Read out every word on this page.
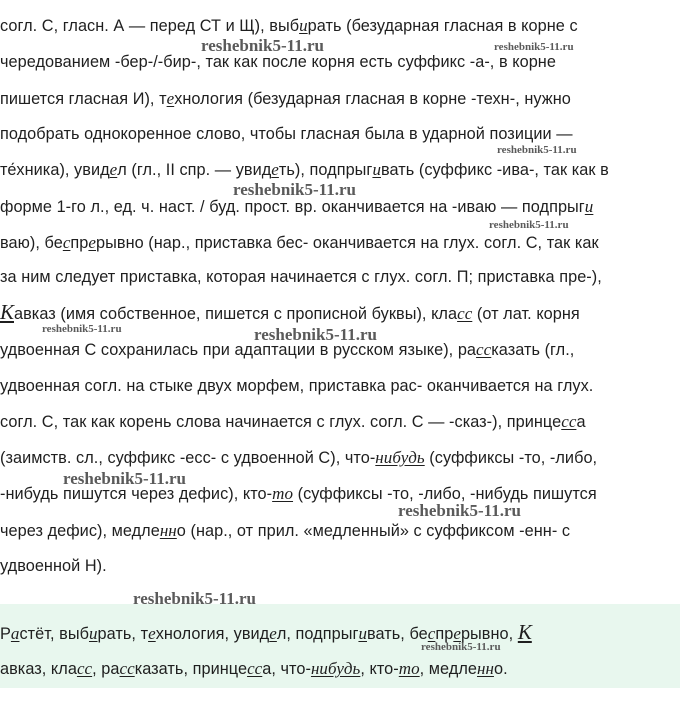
согл. С, гласн. А — перед СТ и Щ), выбирать (безударная гласная в корне с
чередованием -бер-/-бир-, так как после корня есть суффикс -а-, в корне
пишется гласная И), технология (безударная гласная в корне -техн-, нужно
подобрать однокоренное слово, чтобы гласная была в ударной позиции —
те́хника), увидел (гл., II спр. — увидеть), подпрыгивать (суффикс -ива-, так как в
форме 1-го л., ед. ч. наст. / буд. прост. вр. оканчивается на -иваю — подпрыги
ваю), беспрерывно (нар., приставка бес- оканчивается на глух. согл. С, так как
за ним следует приставка, которая начинается с глух. согл. П; приставка пре-),
Кавказ (имя собственное, пишется с прописной буквы), класс (от лат. корня
удвоенная С сохранилась при адаптации в русском языке), рассказать (гл.,
удвоенная согл. на стыке двух морфем, приставка рас- оканчивается на глух.
согл. С, так как корень слова начинается с глух. согл. С — -сказ-), принцесса
(заимств. сл., суффикс -есс- с удвоенной С), что-нибудь (суффиксы -то, -либо,
-нибудь пишутся через дефис), кто-то (суффиксы -то, -либо, -нибудь пишутся
через дефис), медленно (нар., от прил. «медленный» с суффиксом -енн- с
удвоенной Н).
Растёт, выбирать, технология, увидел, подпрыгивать, беспрерывно, К
авказ, класс, рассказать, принцесса, что-нибудь, кто-то, медленно.
reshebnik5-11.ru	reshebnik5-11.ru
reshebnik5-11.ru
reshebnik5-11.ru
reshebnik5-11.ru
reshebnik5-11.ru	reshebnik5-11.ru
reshebnik5-11.ru
reshebnik5-11.ru
reshebnik5-11.ru
reshebnik5-11.ru
